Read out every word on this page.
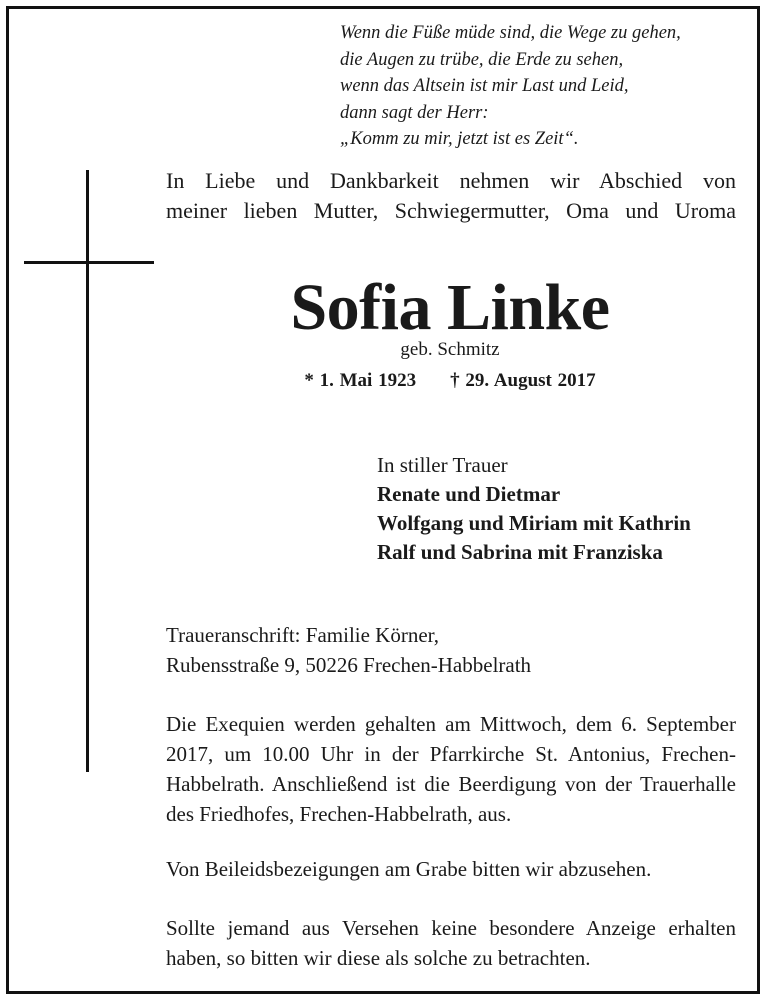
Wenn die Füße müde sind, die Wege zu gehen,
die Augen zu trübe, die Erde zu sehen,
wenn das Altsein ist mir Last und Leid,
dann sagt der Herr:
„Komm zu mir, jetzt ist es Zeit“.
In Liebe und Dankbarkeit nehmen wir Abschied von
meiner lieben Mutter, Schwiegermutter, Oma und Uroma
Sofia Linke
geb. Schmitz
* 1. Mai 1923 † 29. August 2017
In stiller Trauer
Renate und Dietmar
Wolfgang und Miriam mit Kathrin
Ralf und Sabrina mit Franziska
Traueranschrift: Familie Körner,
Rubensstraße 9, 50226 Frechen-Habbelrath
Die Exequien werden gehalten am Mittwoch, dem 6. September
2017, um 10.00 Uhr in der Pfarrkirche St. Antonius, Frechen-
Habbelrath. Anschließend ist die Beerdigung von der Trauerhalle
des Friedhofes, Frechen-Habbelrath, aus.
Von Beileidsbezeigungen am Grabe bitten wir abzusehen.
Sollte jemand aus Versehen keine besondere Anzeige erhalten
haben, so bitten wir diese als solche zu betrachten.
